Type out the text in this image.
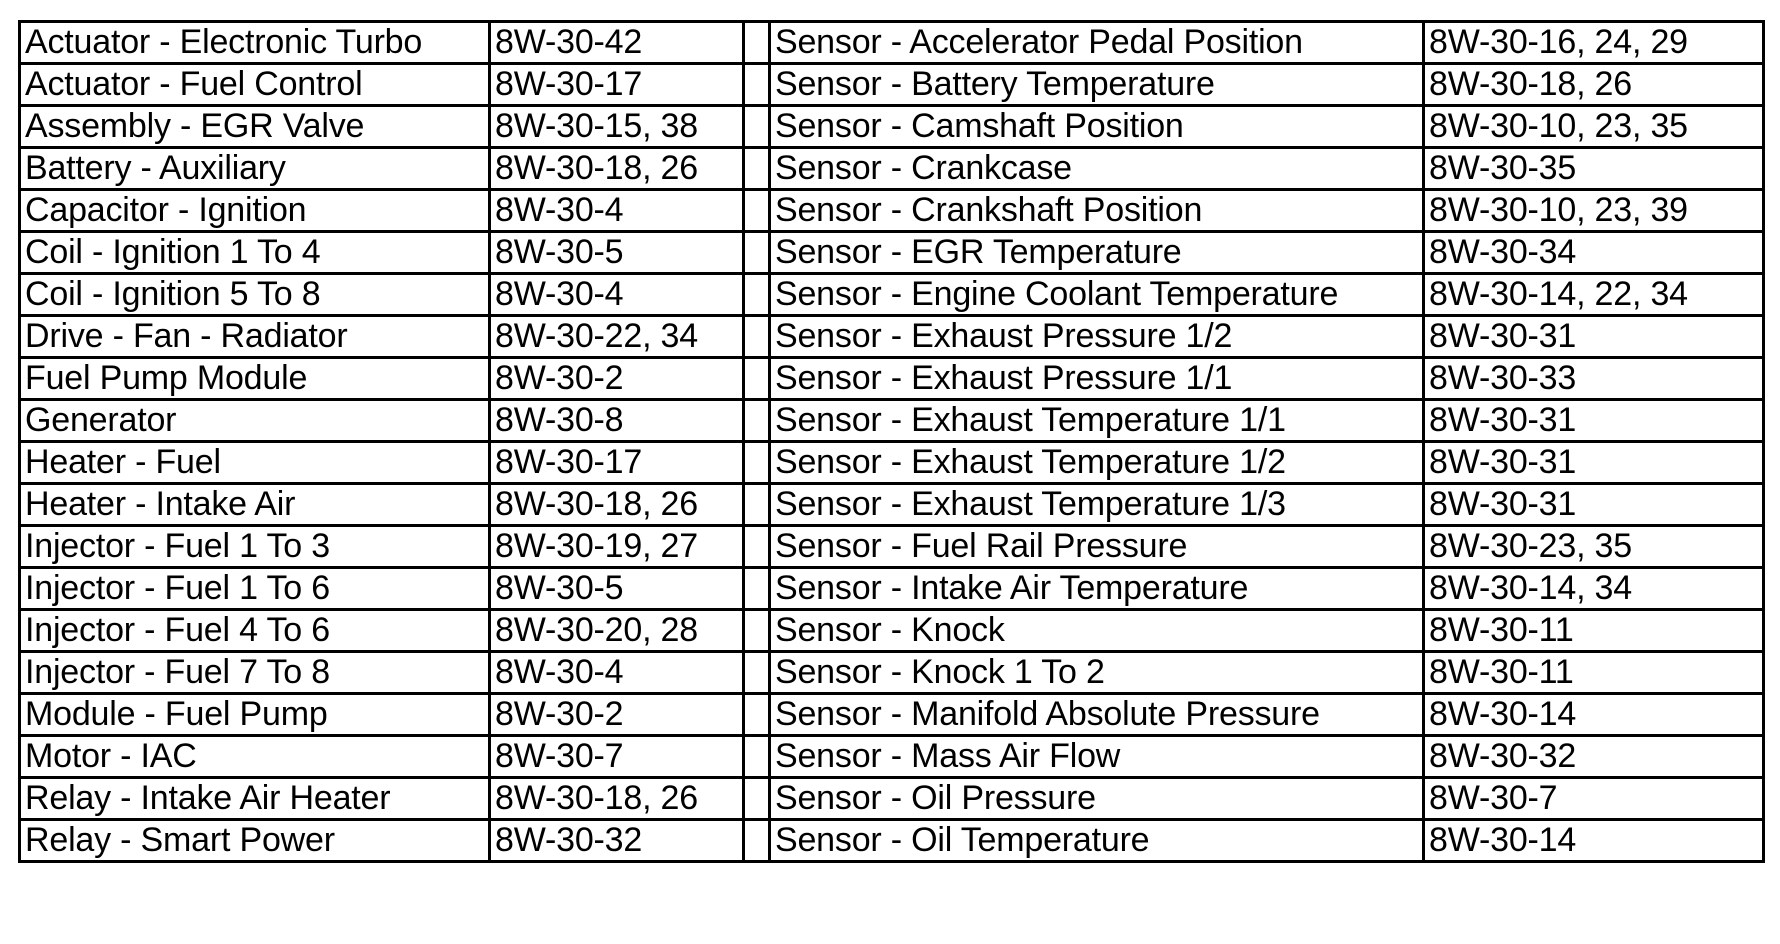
Actuator - Electronic Turbo	8W-30-42		Sensor - Accelerator Pedal Position	8W-30-16, 24, 29
Actuator - Fuel Control	8W-30-17		Sensor - Battery Temperature	8W-30-18, 26
Assembly - EGR Valve	8W-30-15, 38		Sensor - Camshaft Position	8W-30-10, 23, 35
Battery - Auxiliary	8W-30-18, 26		Sensor - Crankcase	8W-30-35
Capacitor - Ignition	8W-30-4		Sensor - Crankshaft Position	8W-30-10, 23, 39
Coil - Ignition 1 To 4	8W-30-5		Sensor - EGR Temperature	8W-30-34
Coil - Ignition 5 To 8	8W-30-4		Sensor - Engine Coolant Temperature	8W-30-14, 22, 34
Drive - Fan - Radiator	8W-30-22, 34		Sensor - Exhaust Pressure 1/2	8W-30-31
Fuel Pump Module	8W-30-2		Sensor - Exhaust Pressure 1/1	8W-30-33
Generator	8W-30-8		Sensor - Exhaust Temperature 1/1	8W-30-31
Heater - Fuel	8W-30-17		Sensor - Exhaust Temperature 1/2	8W-30-31
Heater - Intake Air	8W-30-18, 26		Sensor - Exhaust Temperature 1/3	8W-30-31
Injector - Fuel 1 To 3	8W-30-19, 27		Sensor - Fuel Rail Pressure	8W-30-23, 35
Injector - Fuel 1 To 6	8W-30-5		Sensor - Intake Air Temperature	8W-30-14, 34
Injector - Fuel 4 To 6	8W-30-20, 28		Sensor - Knock	8W-30-11
Injector - Fuel 7 To 8	8W-30-4		Sensor - Knock 1 To 2	8W-30-11
Module - Fuel Pump	8W-30-2		Sensor - Manifold Absolute Pressure	8W-30-14
Motor - IAC	8W-30-7		Sensor - Mass Air Flow	8W-30-32
Relay - Intake Air Heater	8W-30-18, 26		Sensor - Oil Pressure	8W-30-7
Relay - Smart Power	8W-30-32		Sensor - Oil Temperature	8W-30-14
